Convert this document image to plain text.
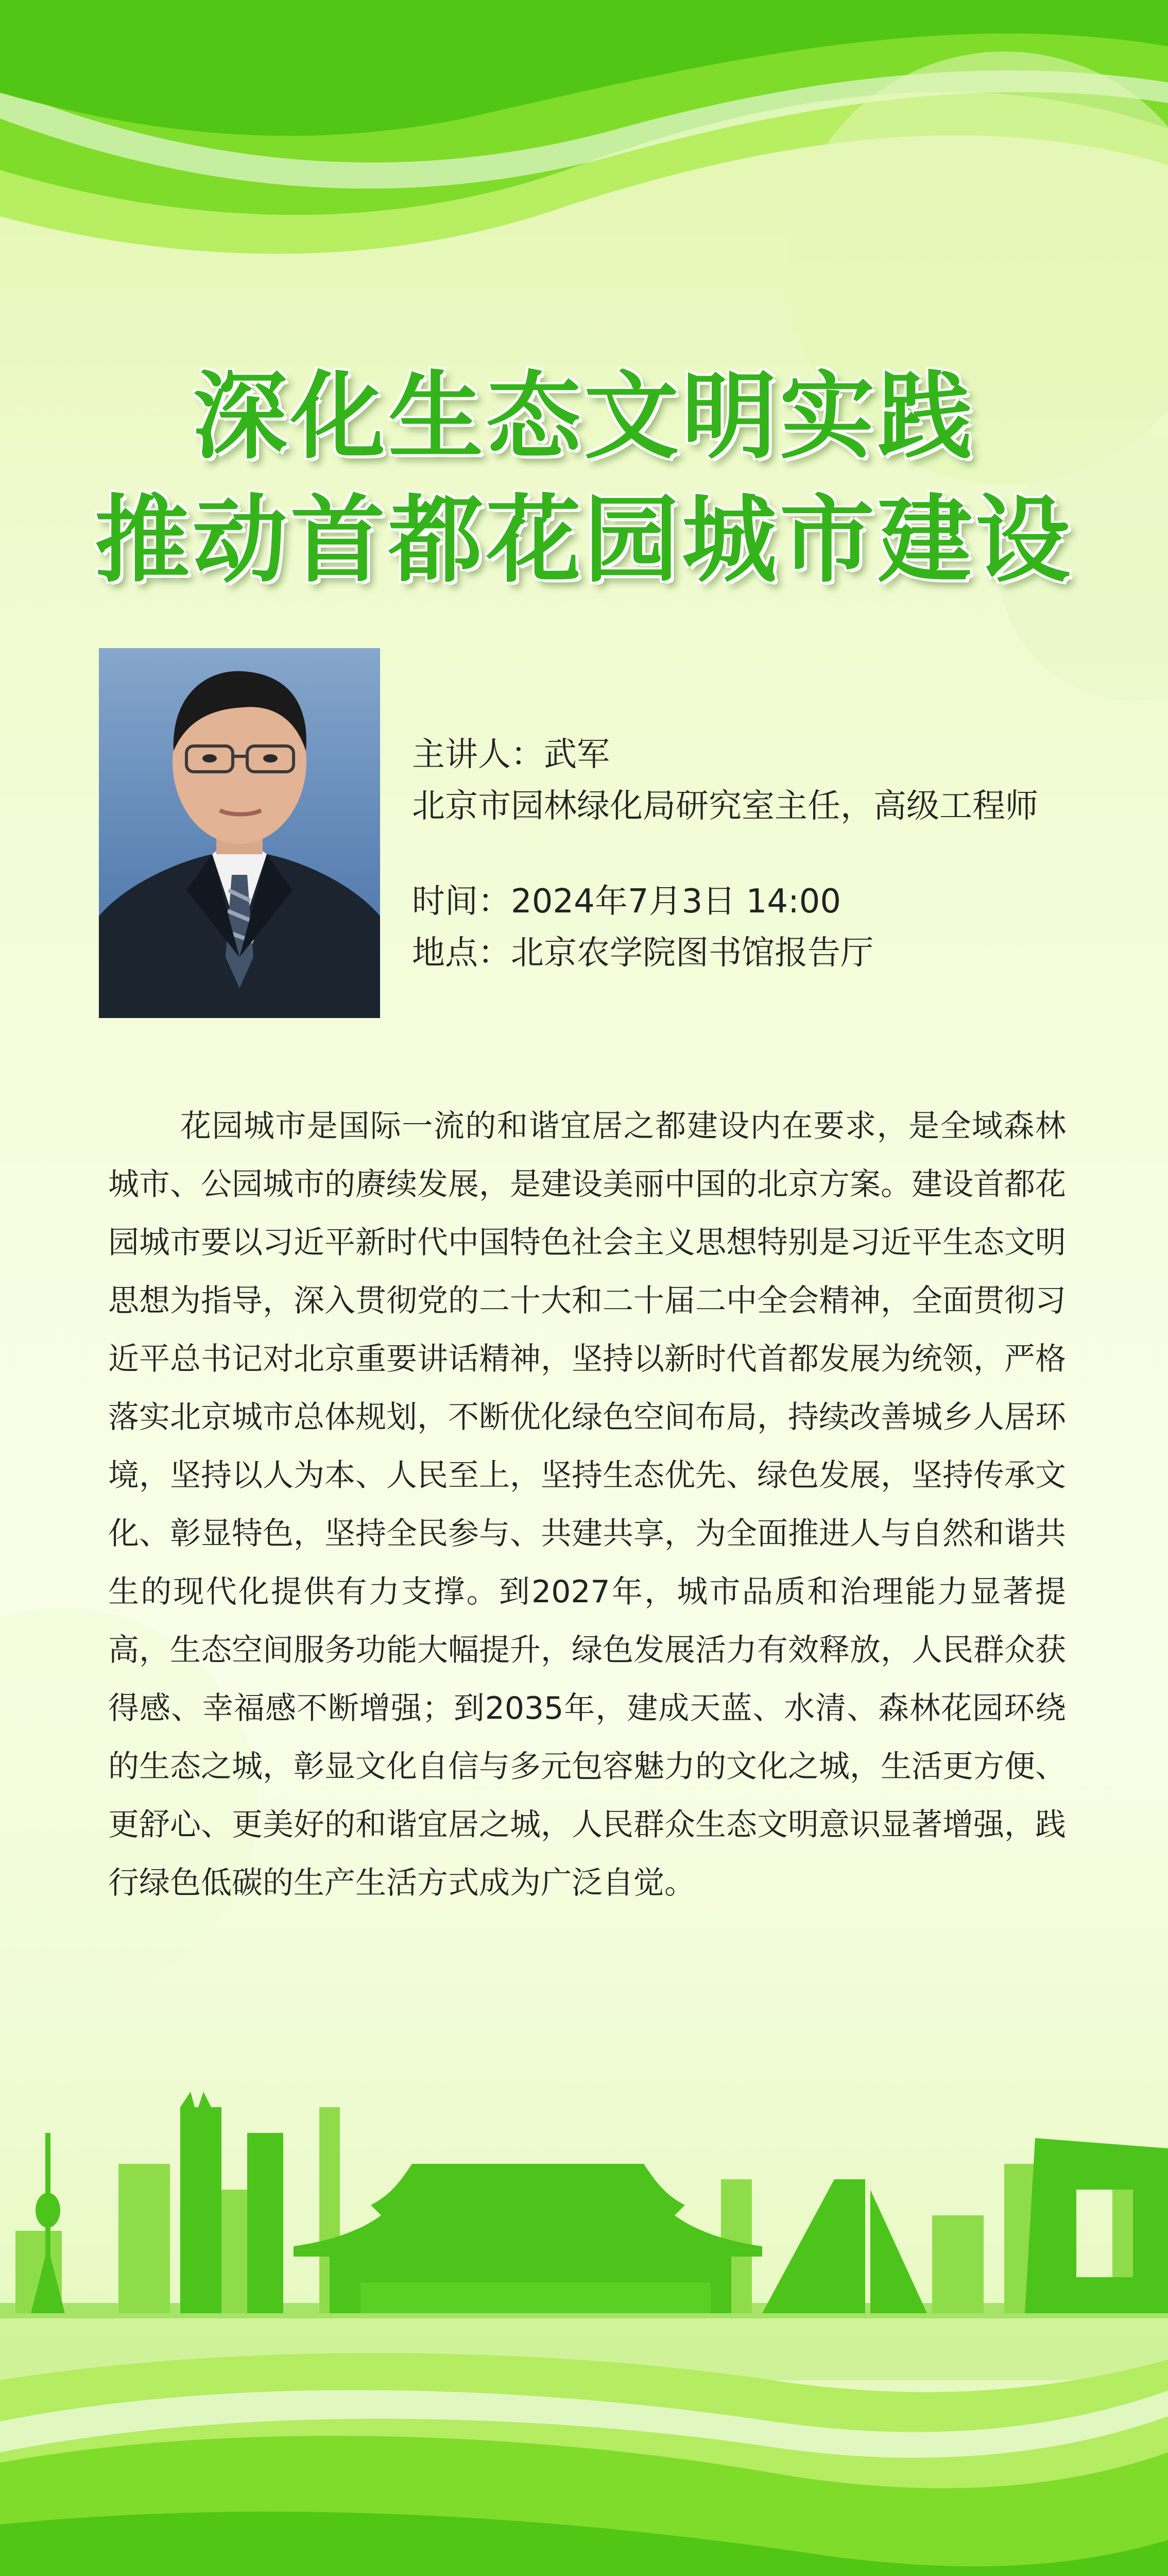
深化生态文明实践
推动首都花园城市建设
主讲人：武军
北京市园林绿化局研究室主任，高级工程师
时间：2024年7月3日 14:00
地点：北京农学院图书馆报告厅
花园城市是国际一流的和谐宜居之都建设内在要求，是全域森林城市、公园城市的赓续发展，是建设美丽中国的北京方案。建设首都花园城市要以习近平新时代中国特色社会主义思想特别是习近平生态文明思想为指导，深入贯彻党的二十大和二十届二中全会精神，全面贯彻习近平总书记对北京重要讲话精神，坚持以新时代首都发展为统领，严格落实北京城市总体规划，不断优化绿色空间布局，持续改善城乡人居环境，坚持以人为本、人民至上，坚持生态优先、绿色发展，坚持传承文化、彰显特色，坚持全民参与、共建共享，为全面推进人与自然和谐共生的现代化提供有力支撑。到2027年，城市品质和治理能力显著提高，生态空间服务功能大幅提升，绿色发展活力有效释放，人民群众获得感、幸福感不断增强；到2035年，建成天蓝、水清、森林花园环绕的生态之城，彰显文化自信与多元包容魅力的文化之城，生活更方便、更舒心、更美好的和谐宜居之城，人民群众生态文明意识显著增强，践行绿色低碳的生产生活方式成为广泛自觉。
